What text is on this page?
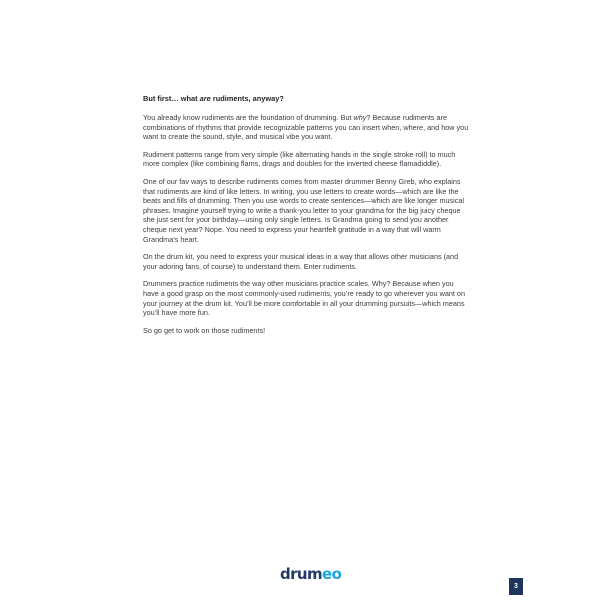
But first… what are rudiments, anyway?

You already know rudiments are the foundation of drumming. But why? Because rudiments are combinations of rhythms that provide recognizable patterns you can insert when, where, and how you want to create the sound, style, and musical vibe you want.

Rudiment patterns range from very simple (like alternating hands in the single stroke roll) to much more complex (like combining flams, drags and doubles for the inverted cheese flamadiddle).

One of our fav ways to describe rudiments comes from master drummer Benny Greb, who explains that rudiments are kind of like letters. In writing, you use letters to create words—which are like the beats and fills of drumming. Then you use words to create sentences—which are like longer musical phrases. Imagine yourself trying to write a thank-you letter to your grandma for the big juicy cheque she just sent for your birthday—using only single letters. Is Grandma going to send you another cheque next year? Nope. You need to express your heartfelt gratitude in a way that will warm Grandma’s heart.

On the drum kit, you need to express your musical ideas in a way that allows other musicians (and your adoring fans, of course) to understand them. Enter rudiments.

Drummers practice rudiments the way other musicians practice scales. Why? Because when you have a good grasp on the most commonly-used rudiments, you’re ready to go wherever you want on your journey at the drum kit. You’ll be more comfortable in all your drumming pursuits—which means you’ll have more fun.

So go get to work on those rudiments!

drumeo
3
